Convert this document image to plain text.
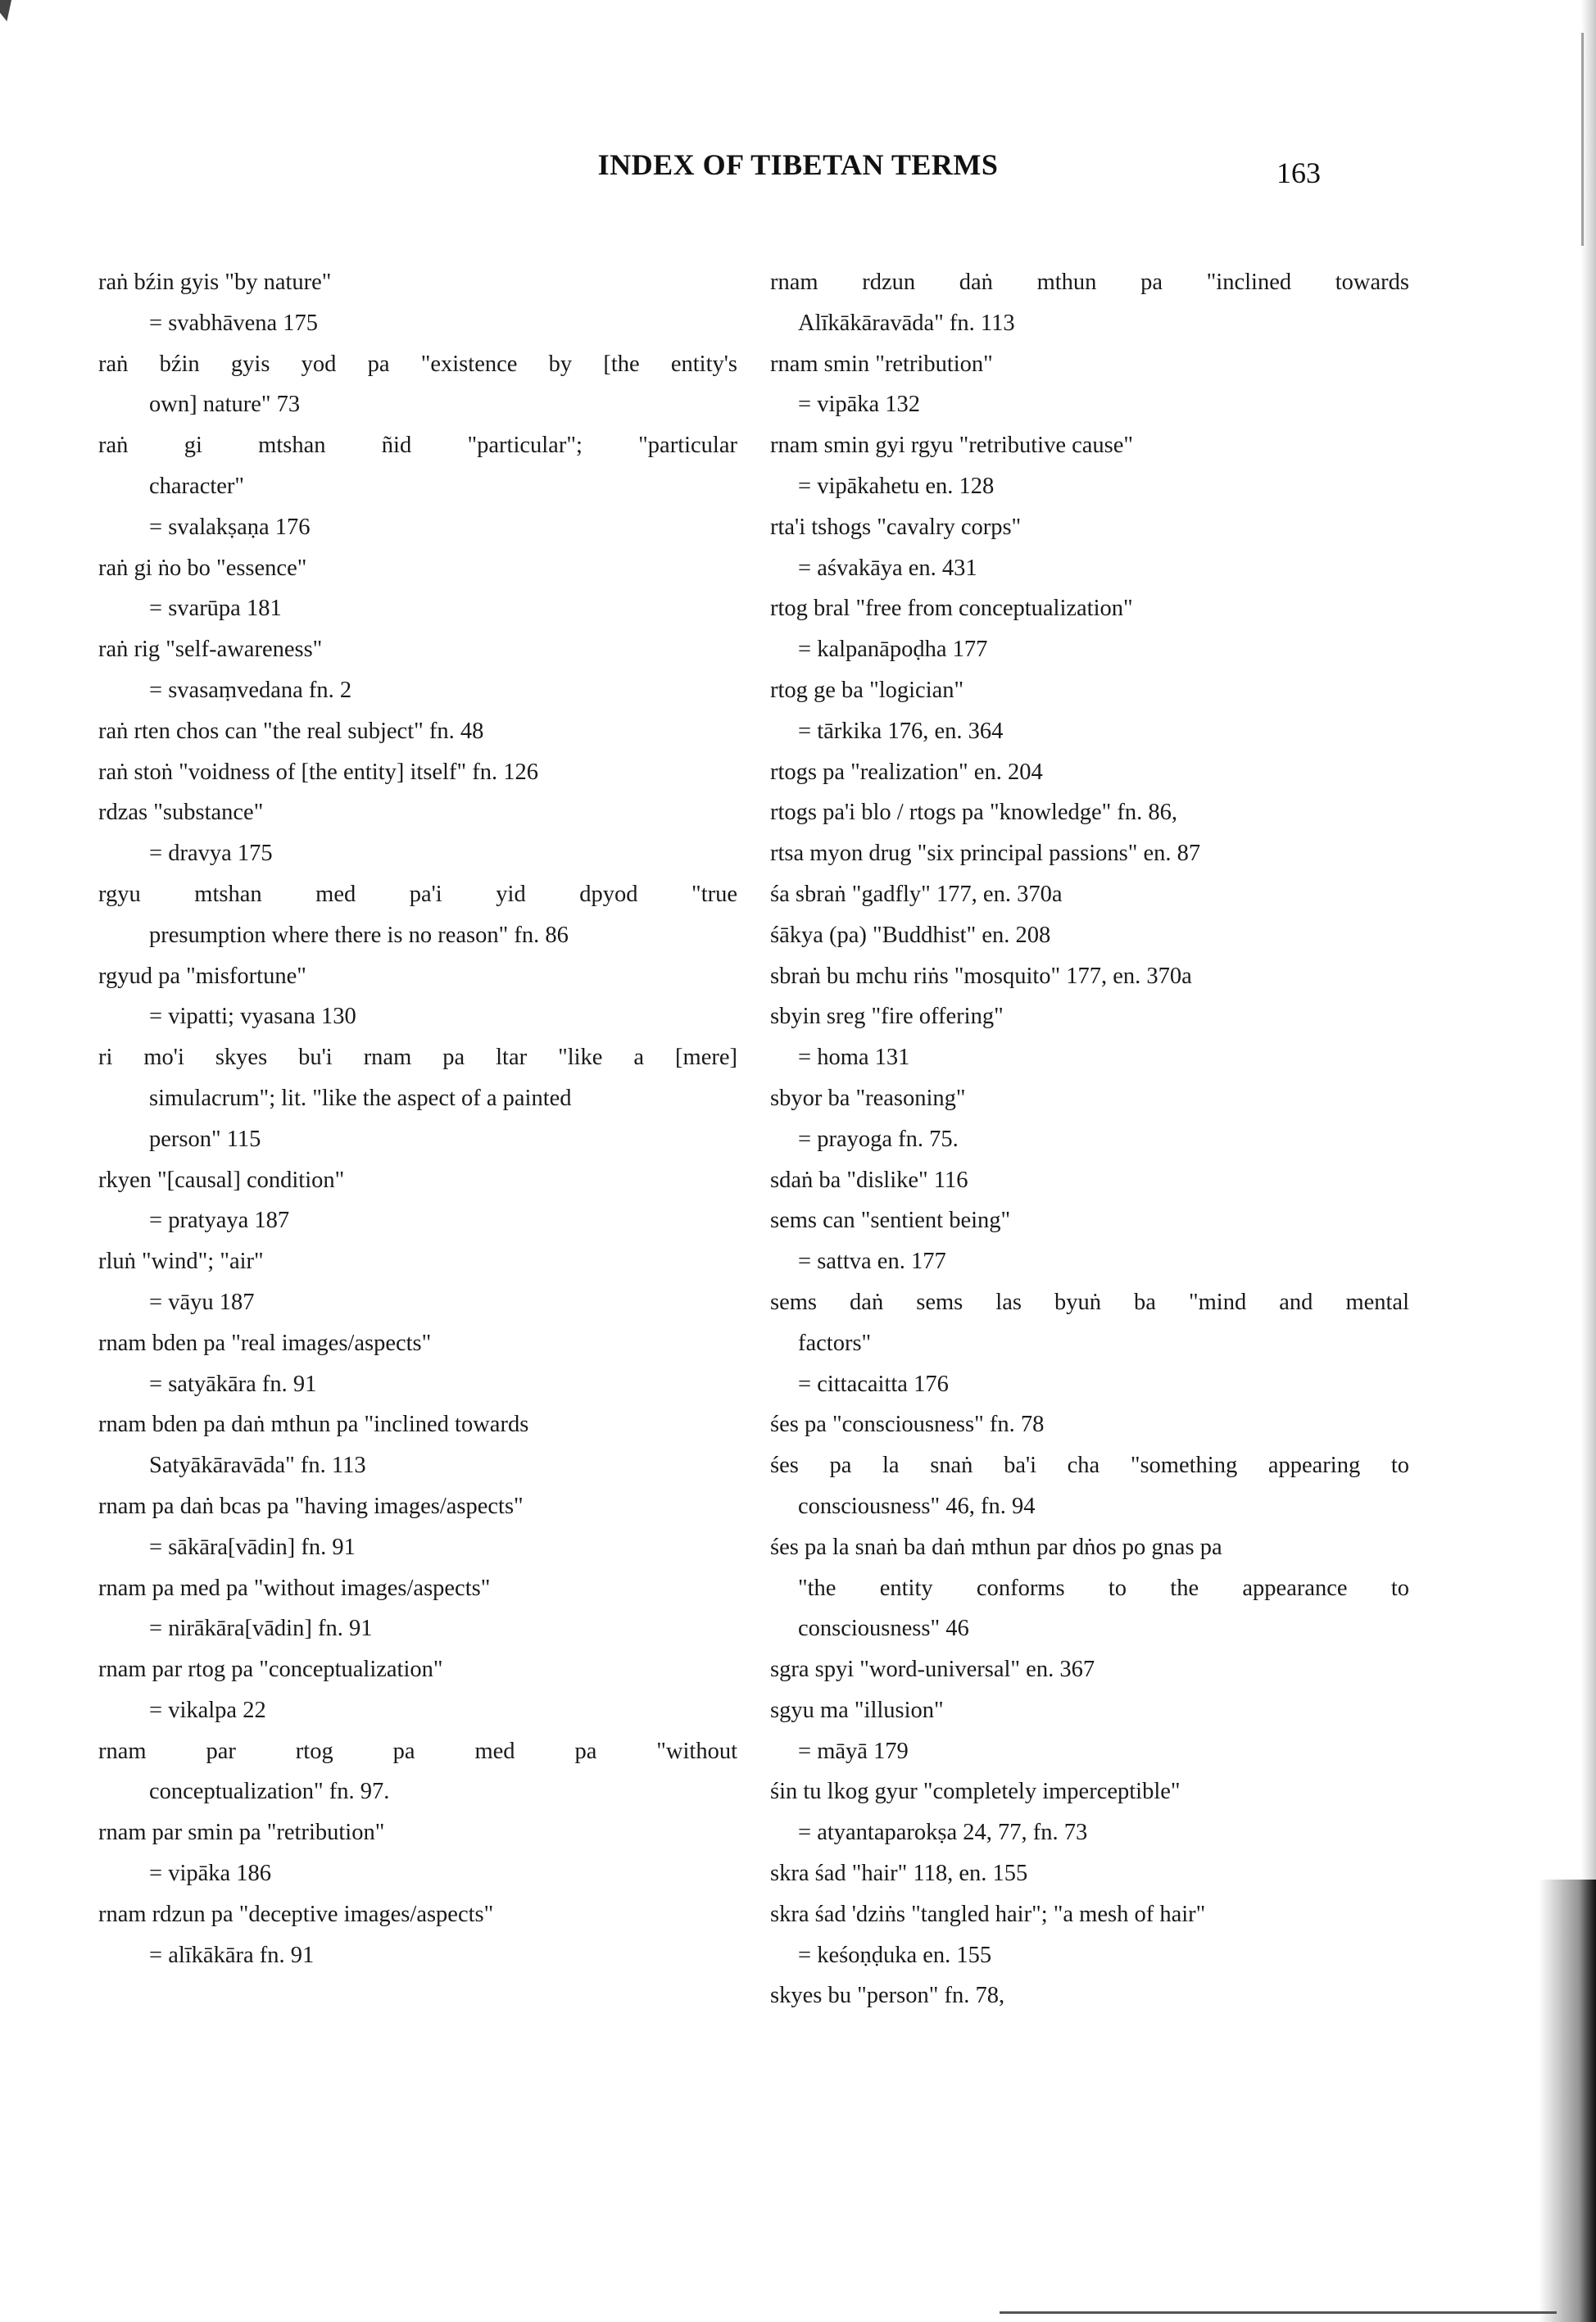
INDEX OF TIBETAN TERMS	163
raṅ bźin gyis "by nature"
= svabhāvena 175
raṅ bźin gyis yod pa "existence by [the entity's
own] nature" 73
raṅ gi mtshan ñid "particular"; "particular
character"
= svalakṣaṇa 176
raṅ gi ṅo bo "essence"
= svarūpa 181
raṅ rig "self-awareness"
= svasaṃvedana fn. 2
raṅ rten chos can "the real subject" fn. 48
raṅ stoṅ "voidness of [the entity] itself" fn. 126
rdzas "substance"
= dravya 175
rgyu mtshan med pa'i yid dpyod "true
presumption where there is no reason" fn. 86
rgyud pa "misfortune"
= vipatti; vyasana 130
ri mo'i skyes bu'i rnam pa ltar "like a [mere]
simulacrum"; lit. "like the aspect of a painted
person" 115
rkyen "[causal] condition"
= pratyaya 187
rluṅ "wind"; "air"
= vāyu 187
rnam bden pa "real images/aspects"
= satyākāra fn. 91
rnam bden pa daṅ mthun pa "inclined towards
Satyākāravāda" fn. 113
rnam pa daṅ bcas pa "having images/aspects"
= sākāra[vādin] fn. 91
rnam pa med pa "without images/aspects"
= nirākāra[vādin] fn. 91
rnam par rtog pa "conceptualization"
= vikalpa 22
rnam par rtog pa med pa "without
conceptualization" fn. 97.
rnam par smin pa "retribution"
= vipāka 186
rnam rdzun pa "deceptive images/aspects"
= alīkākāra fn. 91
rnam rdzun daṅ mthun pa "inclined towards
Alīkākāravāda" fn. 113
rnam smin "retribution"
= vipāka 132
rnam smin gyi rgyu "retributive cause"
= vipākahetu en. 128
rta'i tshogs "cavalry corps"
= aśvakāya en. 431
rtog bral "free from conceptualization"
= kalpanāpoḍha 177
rtog ge ba "logician"
= tārkika 176, en. 364
rtogs pa "realization" en. 204
rtogs pa'i blo / rtogs pa "knowledge" fn. 86,
rtsa myon drug "six principal passions" en. 87
śa sbraṅ "gadfly" 177, en. 370a
śākya (pa) "Buddhist" en. 208
sbraṅ bu mchu riṅs "mosquito" 177, en. 370a
sbyin sreg "fire offering"
= homa 131
sbyor ba "reasoning"
= prayoga fn. 75.
sdaṅ ba "dislike" 116
sems can "sentient being"
= sattva en. 177
sems daṅ sems las byuṅ ba "mind and mental
factors"
= cittacaitta 176
śes pa "consciousness" fn. 78
śes pa la snaṅ ba'i cha "something appearing to
consciousness" 46, fn. 94
śes pa la snaṅ ba daṅ mthun par dṅos po gnas pa
"the entity conforms to the appearance to
consciousness" 46
sgra spyi "word-universal" en. 367
sgyu ma "illusion"
= māyā 179
śin tu lkog gyur "completely imperceptible"
= atyantaparokṣa 24, 77, fn. 73
skra śad "hair" 118, en. 155
skra śad 'dziṅs "tangled hair"; "a mesh of hair"
= keśoṇḍuka en. 155
skyes bu "person" fn. 78,
